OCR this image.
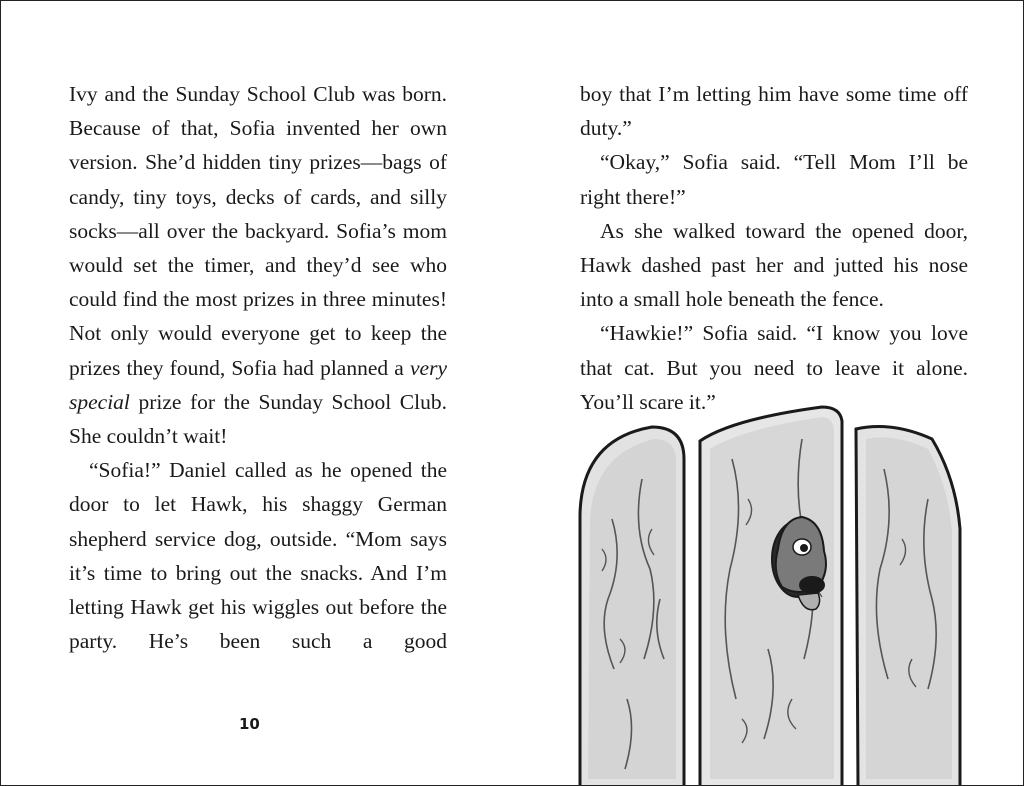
Ivy and the Sunday School Club was born. Because of that, Sofia invented her own version. She’d hidden tiny prizes—bags of candy, tiny toys, decks of cards, and silly socks—all over the backyard. Sofia’s mom would set the timer, and they’d see who could find the most prizes in three minutes! Not only would everyone get to keep the prizes they found, Sofia had planned a very special prize for the Sunday School Club. She couldn’t wait!

“Sofia!” Daniel called as he opened the door to let Hawk, his shaggy German shepherd service dog, outside. “Mom says it’s time to bring out the snacks. And I’m letting Hawk get his wiggles out before the party. He’s been such a good

10

boy that I’m letting him have some time off duty.”

“Okay,” Sofia said. “Tell Mom I’ll be right there!”

As she walked toward the opened door, Hawk dashed past her and jutted his nose into a small hole beneath the fence.

“Hawkie!” Sofia said. “I know you love that cat. But you need to leave it alone. You’ll scare it.”
